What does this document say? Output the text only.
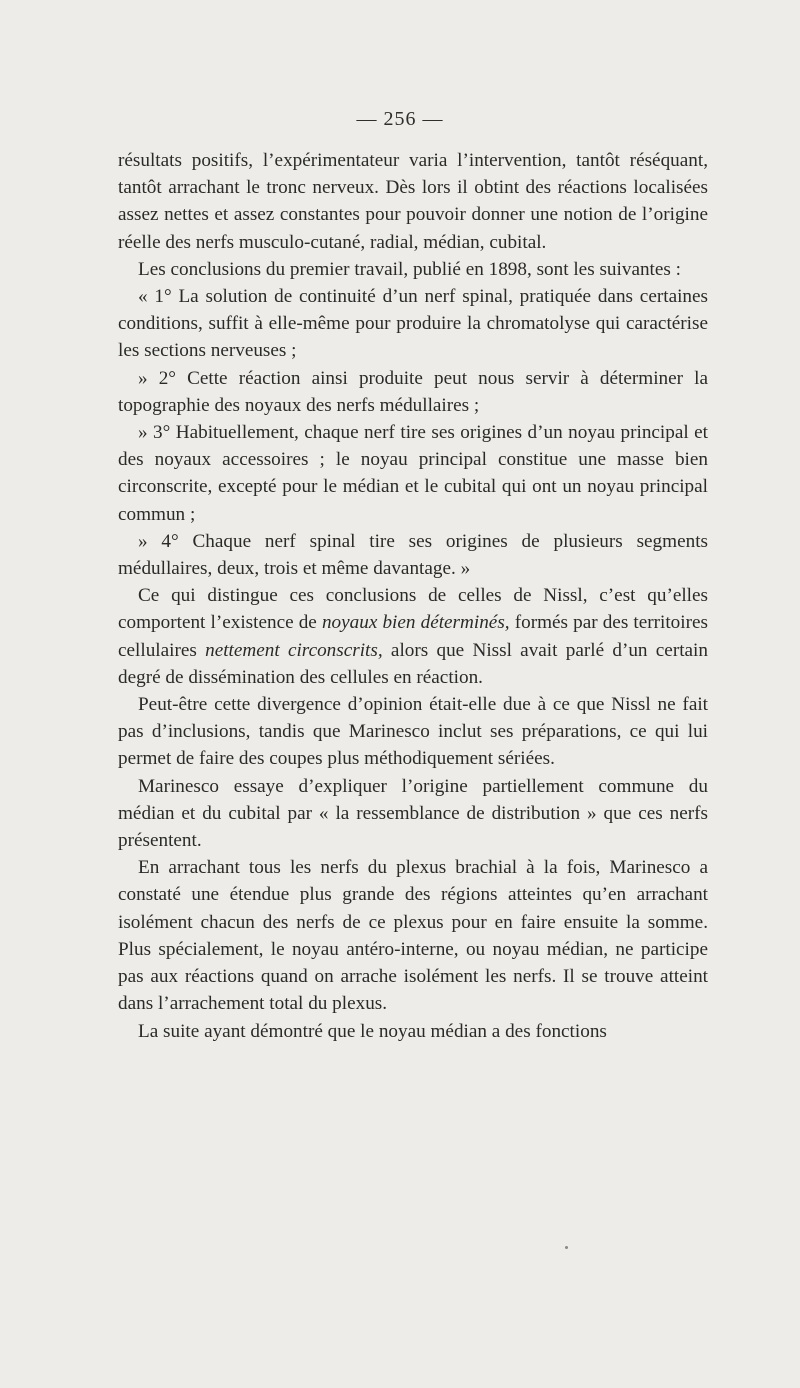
— 256 —

résultats positifs, l’expérimentateur varia l’intervention, tantôt réséquant, tantôt arrachant le tronc nerveux. Dès lors il obtint des réactions localisées assez nettes et assez constantes pour pouvoir donner une notion de l’origine réelle des nerfs musculo-cutané, radial, médian, cubital.

Les conclusions du premier travail, publié en 1898, sont les suivantes :

« 1° La solution de continuité d’un nerf spinal, pratiquée dans certaines conditions, suffit à elle-même pour produire la chromatolyse qui caractérise les sections nerveuses ;

» 2° Cette réaction ainsi produite peut nous servir à déterminer la topographie des noyaux des nerfs médullaires ;

» 3° Habituellement, chaque nerf tire ses origines d’un noyau principal et des noyaux accessoires ; le noyau principal constitue une masse bien circonscrite, excepté pour le médian et le cubital qui ont un noyau principal commun ;

» 4° Chaque nerf spinal tire ses origines de plusieurs segments médullaires, deux, trois et même davantage. »

Ce qui distingue ces conclusions de celles de Nissl, c’est qu’elles comportent l’existence de noyaux bien déterminés, formés par des territoires cellulaires nettement circonscrits, alors que Nissl avait parlé d’un certain degré de dissémination des cellules en réaction.

Peut-être cette divergence d’opinion était-elle due à ce que Nissl ne fait pas d’inclusions, tandis que Marinesco inclut ses préparations, ce qui lui permet de faire des coupes plus méthodiquement sériées.

Marinesco essaye d’expliquer l’origine partiellement commune du médian et du cubital par « la ressemblance de distribution » que ces nerfs présentent.

En arrachant tous les nerfs du plexus brachial à la fois, Marinesco a constaté une étendue plus grande des régions atteintes qu’en arrachant isolément chacun des nerfs de ce plexus pour en faire ensuite la somme. Plus spécialement, le noyau antéro-interne, ou noyau médian, ne participe pas aux réactions quand on arrache isolément les nerfs. Il se trouve atteint dans l’arrachement total du plexus.

La suite ayant démontré que le noyau médian a des fonctions
